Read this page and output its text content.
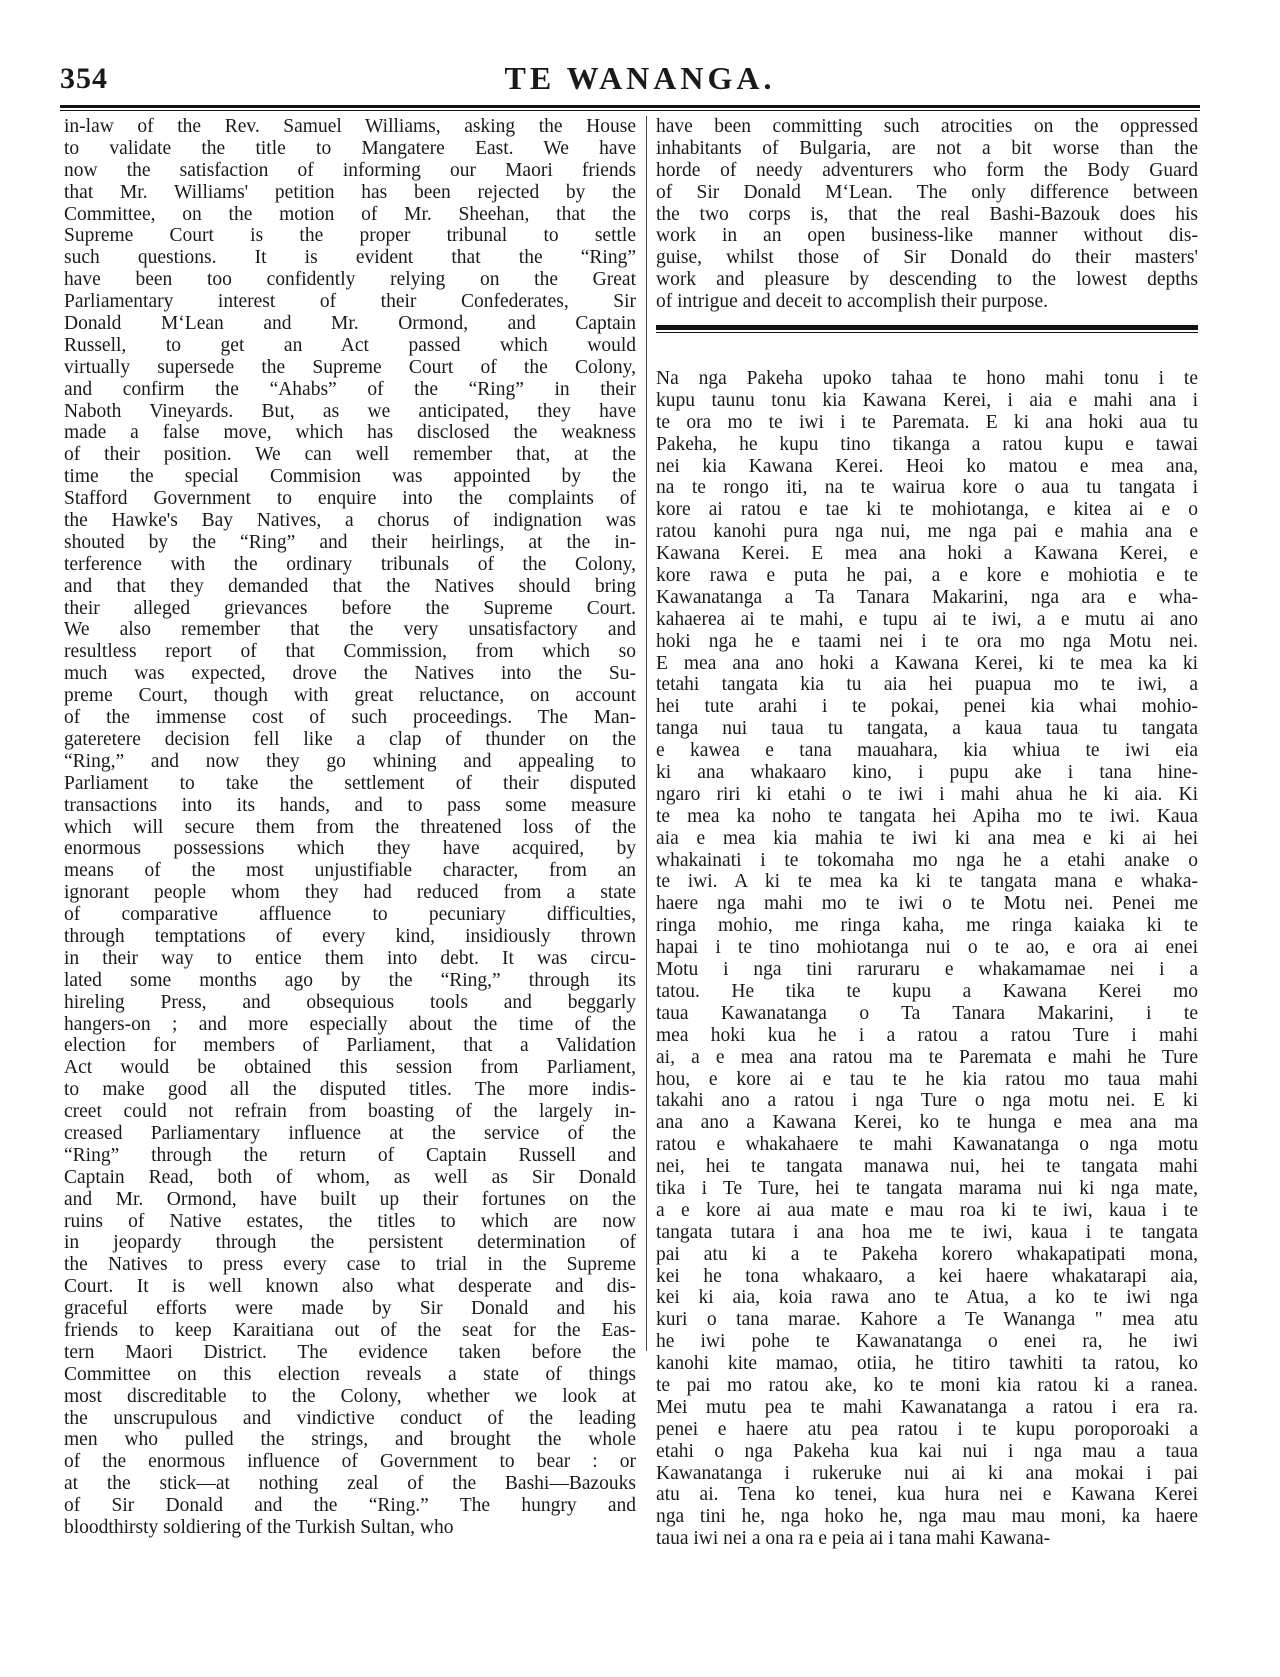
354	TE WANANGA.
in-law of the Rev. Samuel Williams, asking the House
to validate the title to Mangatere East. We have
now the satisfaction of informing our Maori friends
that Mr. Williams' petition has been rejected by the
Committee, on the motion of Mr. Sheehan, that the
Supreme Court is the proper tribunal to settle
such questions. It is evident that the “Ring”
have been too confidently relying on the Great
Parliamentary interest of their Confederates, Sir
Donald M‘Lean and Mr. Ormond, and Captain
Russell, to get an Act passed which would
virtually supersede the Supreme Court of the Colony,
and confirm the “Ahabs” of the “Ring” in their
Naboth Vineyards. But, as we anticipated, they have
made a false move, which has disclosed the weakness
of their position. We can well remember that, at the
time the special Commision was appointed by the
Stafford Government to enquire into the complaints of
the Hawke's Bay Natives, a chorus of indignation was
shouted by the “Ring” and their heirlings, at the in-
terference with the ordinary tribunals of the Colony,
and that they demanded that the Natives should bring
their alleged grievances before the Supreme Court.
We also remember that the very unsatisfactory and
resultless report of that Commission, from which so
much was expected, drove the Natives into the Su-
preme Court, though with great reluctance, on account
of the immense cost of such proceedings. The Man-
gateretere decision fell like a clap of thunder on the
“Ring,” and now they go whining and appealing to
Parliament to take the settlement of their disputed
transactions into its hands, and to pass some measure
which will secure them from the threatened loss of the
enormous possessions which they have acquired, by
means of the most unjustifiable character, from an
ignorant people whom they had reduced from a state
of comparative affluence to pecuniary difficulties,
through temptations of every kind, insidiously thrown
in their way to entice them into debt. It was circu-
lated some months ago by the “Ring,” through its
hireling Press, and obsequious tools and beggarly
hangers-on ; and more especially about the time of the
election for members of Parliament, that a Validation
Act would be obtained this session from Parliament,
to make good all the disputed titles. The more indis-
creet could not refrain from boasting of the largely in-
creased Parliamentary influence at the service of the
“Ring” through the return of Captain Russell and
Captain Read, both of whom, as well as Sir Donald
and Mr. Ormond, have built up their fortunes on the
ruins of Native estates, the titles to which are now
in jeopardy through the persistent determination of
the Natives to press every case to trial in the Supreme
Court. It is well known also what desperate and dis-
graceful efforts were made by Sir Donald and his
friends to keep Karaitiana out of the seat for the Eas-
tern Maori District. The evidence taken before the
Committee on this election reveals a state of things
most discreditable to the Colony, whether we look at
the unscrupulous and vindictive conduct of the leading
men who pulled the strings, and brought the whole
of the enormous influence of Government to bear : or
at the stick—at nothing zeal of the Bashi—Bazouks
of Sir Donald and the “Ring.” The hungry and
bloodthirsty soldiering of the Turkish Sultan, who
have been committing such atrocities on the oppressed
inhabitants of Bulgaria, are not a bit worse than the
horde of needy adventurers who form the Body Guard
of Sir Donald M‘Lean. The only difference between
the two corps is, that the real Bashi-Bazouk does his
work in an open business-like manner without dis-
guise, whilst those of Sir Donald do their masters'
work and pleasure by descending to the lowest depths
of intrigue and deceit to accomplish their purpose.
Na nga Pakeha upoko tahaa te hono mahi tonu i te
kupu taunu tonu kia Kawana Kerei, i aia e mahi ana i
te ora mo te iwi i te Paremata. E ki ana hoki aua tu
Pakeha, he kupu tino tikanga a ratou kupu e tawai
nei kia Kawana Kerei. Heoi ko matou e mea ana,
na te rongo iti, na te wairua kore o aua tu tangata i
kore ai ratou e tae ki te mohiotanga, e kitea ai e o
ratou kanohi pura nga nui, me nga pai e mahia ana e
Kawana Kerei. E mea ana hoki a Kawana Kerei, e
kore rawa e puta he pai, a e kore e mohiotia e te
Kawanatanga a Ta Tanara Makarini, nga ara e wha-
kahaerea ai te mahi, e tupu ai te iwi, a e mutu ai ano
hoki nga he e taami nei i te ora mo nga Motu nei.
E mea ana ano hoki a Kawana Kerei, ki te mea ka ki
tetahi tangata kia tu aia hei puapua mo te iwi, a
hei tute arahi i te pokai, penei kia whai mohio-
tanga nui taua tu tangata, a kaua taua tu tangata
e kawea e tana mauahara, kia whiua te iwi eia
ki ana whakaaro kino, i pupu ake i tana hine-
ngaro riri ki etahi o te iwi i mahi ahua he ki aia. Ki
te mea ka noho te tangata hei Apiha mo te iwi. Kaua
aia e mea kia mahia te iwi ki ana mea e ki ai hei
whakainati i te tokomaha mo nga he a etahi anake o
te iwi. A ki te mea ka ki te tangata mana e whaka-
haere nga mahi mo te iwi o te Motu nei. Penei me
ringa mohio, me ringa kaha, me ringa kaiaka ki te
hapai i te tino mohiotanga nui o te ao, e ora ai enei
Motu i nga tini raruraru e whakamamae nei i a
tatou. He tika te kupu a Kawana Kerei mo
taua Kawanatanga o Ta Tanara Makarini, i te
mea hoki kua he i a ratou a ratou Ture i mahi
ai, a e mea ana ratou ma te Paremata e mahi he Ture
hou, e kore ai e tau te he kia ratou mo taua mahi
takahi ano a ratou i nga Ture o nga motu nei. E ki
ana ano a Kawana Kerei, ko te hunga e mea ana ma
ratou e whakahaere te mahi Kawanatanga o nga motu
nei, hei te tangata manawa nui, hei te tangata mahi
tika i Te Ture, hei te tangata marama nui ki nga mate,
a e kore ai aua mate e mau roa ki te iwi, kaua i te
tangata tutara i ana hoa me te iwi, kaua i te tangata
pai atu ki a te Pakeha korero whakapatipati mona,
kei he tona whakaaro, a kei haere whakatarapi aia,
kei ki aia, koia rawa ano te Atua, a ko te iwi nga
kuri o tana marae. Kahore a Te Wananga " mea atu
he iwi pohe te Kawanatanga o enei ra, he iwi
kanohi kite mamao, otiia, he titiro tawhiti ta ratou, ko
te pai mo ratou ake, ko te moni kia ratou ki a ranea.
Mei mutu pea te mahi Kawanatanga a ratou i era ra.
penei e haere atu pea ratou i te kupu poroporoaki a
etahi o nga Pakeha kua kai nui i nga mau a taua
Kawanatanga i rukeruke nui ai ki ana mokai i pai
atu ai. Tena ko tenei, kua hura nei e Kawana Kerei
nga tini he, nga hoko he, nga mau mau moni, ka haere
taua iwi nei a ona ra e peia ai i tana mahi Kawana-
